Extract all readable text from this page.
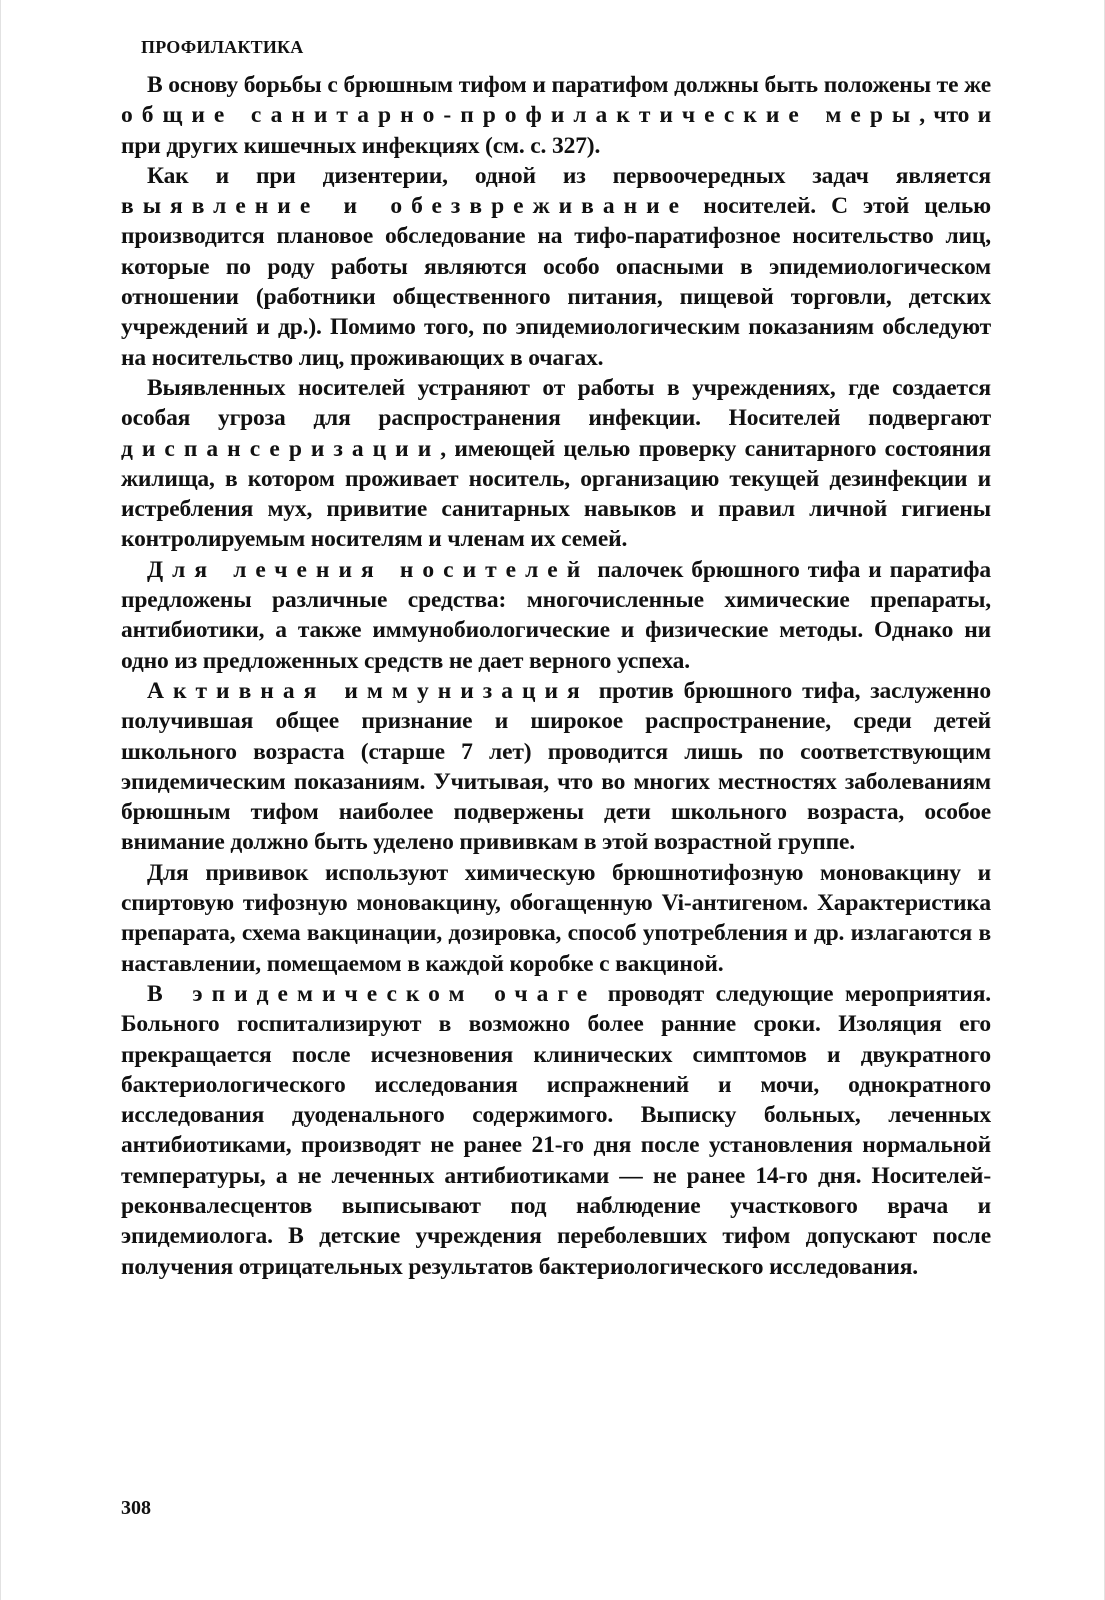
ПРОФИЛАКТИКА

В основу борьбы с брюшным тифом и паратифом должны быть положены те же общие санитарно-профилактические меры, что и при других кишечных инфекциях (см. с. 327).

Как и при дизентерии, одной из первоочередных задач является выявление и обезвреживание носителей. С этой целью производится плановое обследование на тифо-паратифозное носительство лиц, которые по роду работы являются особо опасными в эпидемиологическом отношении (работники общественного питания, пищевой торговли, детских учреждений и др.). Помимо того, по эпидемиологическим показаниям обследуют на носительство лиц, проживающих в очагах.

Выявленных носителей устраняют от работы в учреждениях, где создается особая угроза для распространения инфекции. Носителей подвергают диспансеризации, имеющей целью проверку санитарного состояния жилища, в котором проживает носитель, организацию текущей дезинфекции и истребления мух, привитие санитарных навыков и правил личной гигиены контролируемым носителям и членам их семей.

Для лечения носителей палочек брюшного тифа и паратифа предложены различные средства: многочисленные химические препараты, антибиотики, а также иммунобиологические и физические методы. Однако ни одно из предложенных средств не дает верного успеха.

Активная иммунизация против брюшного тифа, заслуженно получившая общее признание и широкое распространение, среди детей школьного возраста (старше 7 лет) проводится лишь по соответствующим эпидемическим показаниям. Учитывая, что во многих местностях заболеваниям брюшным тифом наиболее подвержены дети школьного возраста, особое внимание должно быть уделено прививкам в этой возрастной группе.

Для прививок используют химическую брюшнотифозную моновакцину и спиртовую тифозную моновакцину, обогащенную Vi-антигеном. Характеристика препарата, схема вакцинации, дозировка, способ употребления и др. излагаются в наставлении, помещаемом в каждой коробке с вакциной.

В эпидемическом очаге проводят следующие мероприятия. Больного госпитализируют в возможно более ранние сроки. Изоляция его прекращается после исчезновения клинических симптомов и двукратного бактериологического исследования испражнений и мочи, однократного исследования дуоденального содержимого. Выписку больных, леченных антибиотиками, производят не ранее 21-го дня после установления нормальной температуры, а не леченных антибиотиками — не ранее 14-го дня. Носителей-реконвалесцентов выписывают под наблюдение участкового врача и эпидемиолога. В детские учреждения переболевших тифом допускают после получения отрицательных результатов бактериологического исследования.

308
